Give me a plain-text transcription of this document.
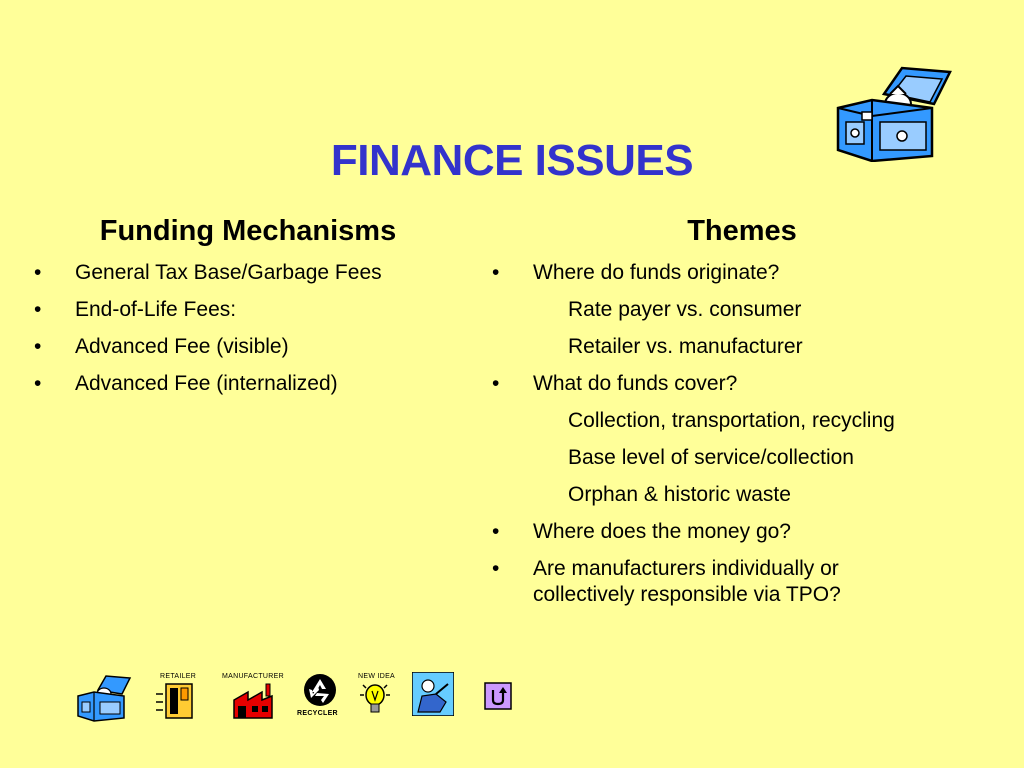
FINANCE ISSUES
Funding Mechanisms
• General Tax Base/Garbage Fees
• End-of-Life Fees:
• Advanced Fee (visible)
• Advanced Fee (internalized)
Themes
• Where do funds originate?
Rate payer vs. consumer
Retailer vs. manufacturer
• What do funds cover?
Collection, transportation, recycling
Base level of service/collection
Orphan & historic waste
• Where does the money go?
• Are manufacturers individually or collectively responsible via TPO?
RETAILER	MANUFACTURER
RECYCLER
NEW IDEA
